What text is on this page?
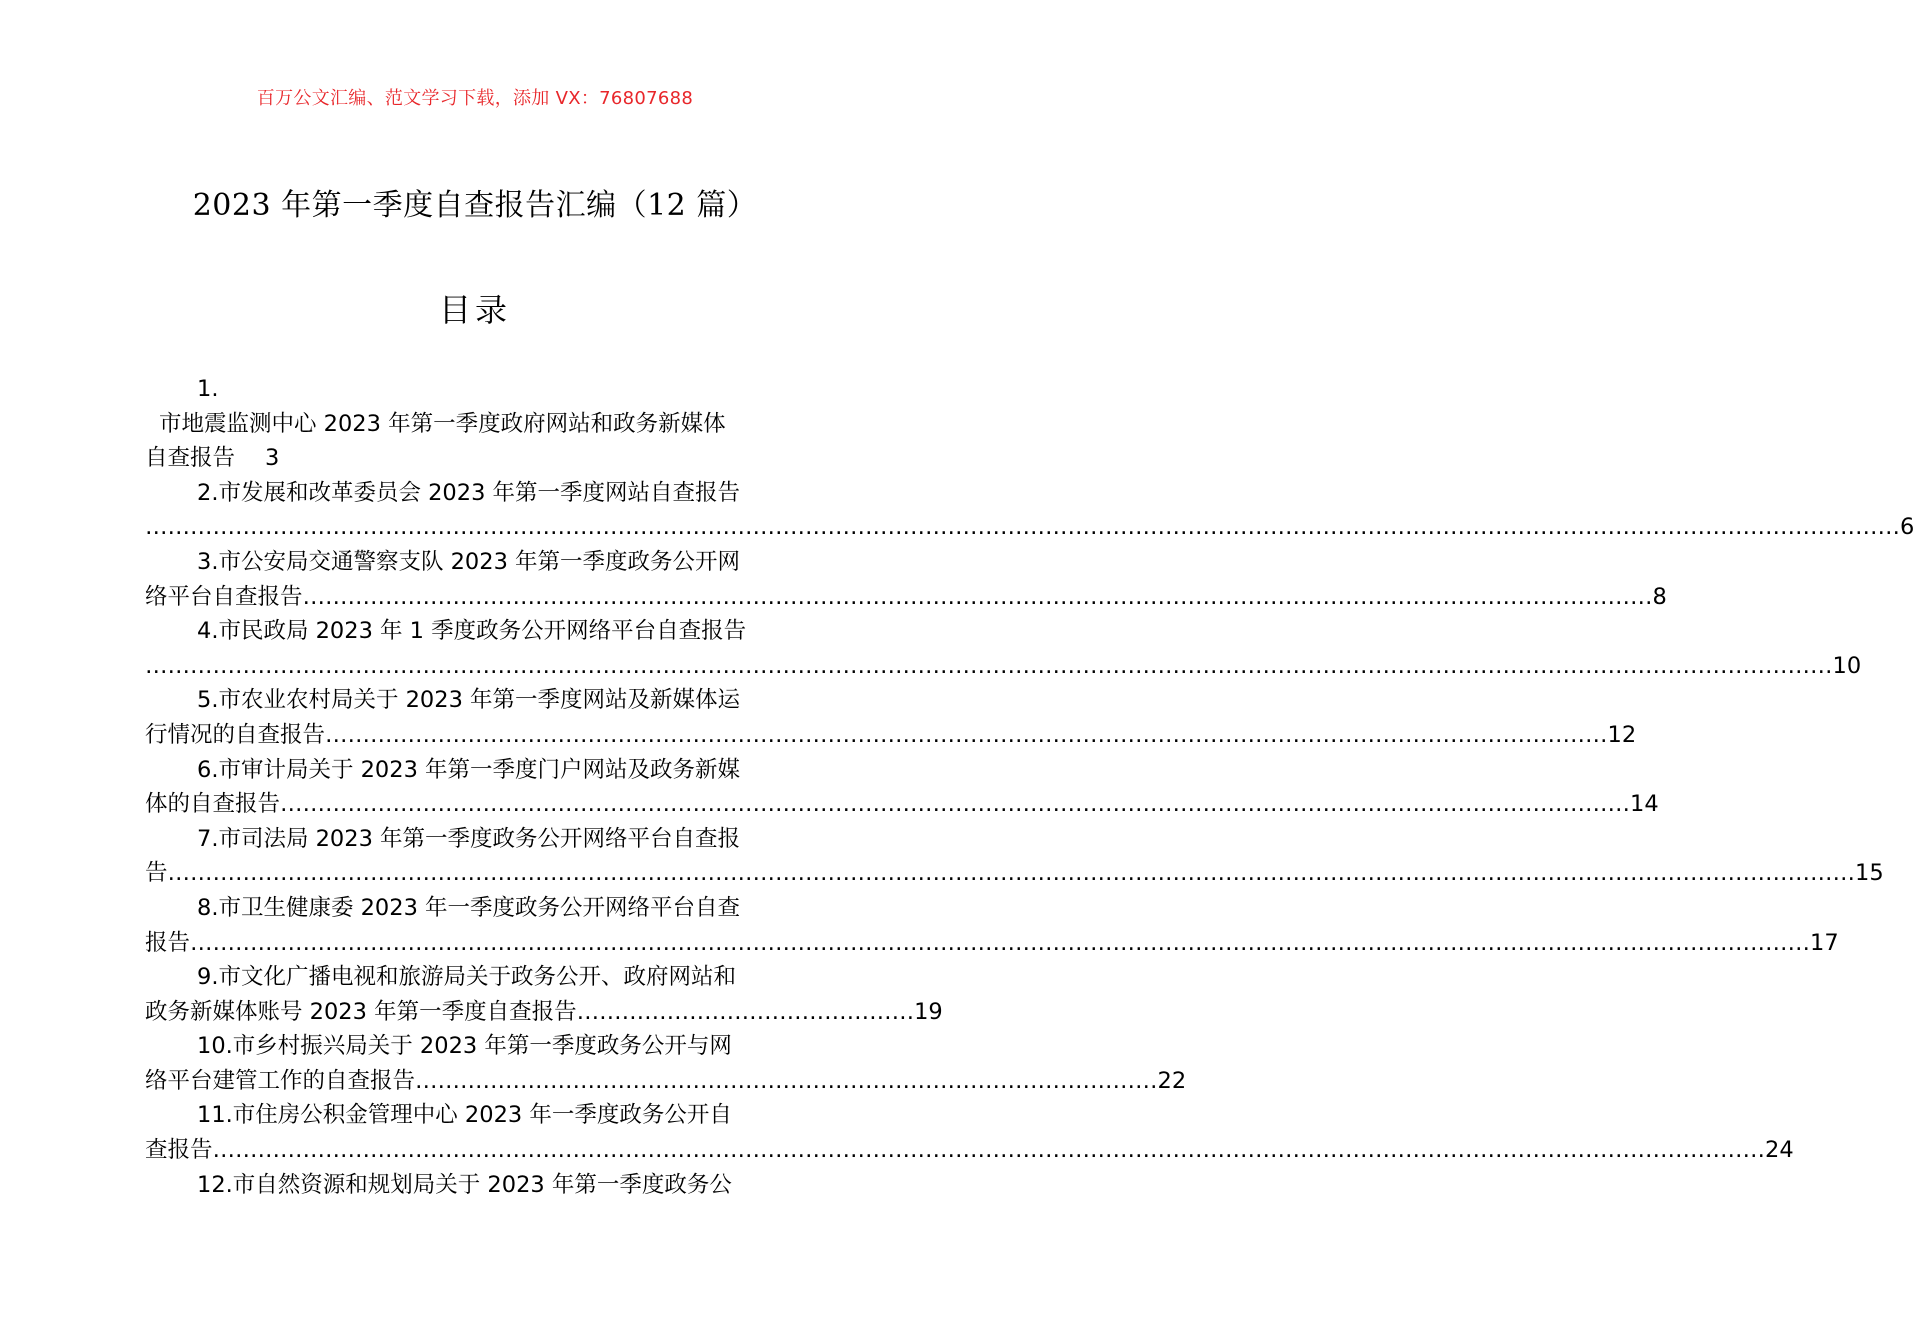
百万公文汇编、范文学习下载，添加 VX：76807688
2023 年第一季度自查报告汇编（12 篇）
目录

1.

市地震监测中心 2023 年第一季度政府网站和政务新媒体

自查报告 3

2.市发展和改革委员会 2023 年第一季度网站自查报告

……………………………………………………………………………………………………………………………………………………………………………………………………………… 6

3.市公安局交通警察支队 2023 年第一季度政务公开网

络平台自查报告 ……………………………………………………………………………………………………………………………………………………………… 8

4.市民政局 2023 年 1 季度政务公开网络平台自查报告

……………………………………………………………………………………………………………………………………………………………………………………………………… 10

5.市农业农村局关于 2023 年第一季度网站及新媒体运

行情况的自查报告 ……………………………………………………………………………………………………………………………………………………… 12

6.市审计局关于 2023 年第一季度门户网站及政务新媒

体的自查报告 ……………………………………………………………………………………………………………………………………………………………… 14

7.市司法局 2023 年第一季度政务公开网络平台自查报

告 ……………………………………………………………………………………………………………………………………………………………………………………………………… 15

8.市卫生健康委 2023 年一季度政务公开网络平台自查

报告 ……………………………………………………………………………………………………………………………………………………………………………………………… 17

9.市文化广播电视和旅游局关于政务公开、政府网站和

政务新媒体账号 2023 年第一季度自查报告 ……………………………………… 19

10.市乡村振兴局关于 2023 年第一季度政务公开与网

络平台建管工作的自查报告 ……………………………………………………………………………………… 22

11.市住房公积金管理中心 2023 年一季度政务公开自

查报告 ……………………………………………………………………………………………………………………………………………………………………………………… 24

12.市自然资源和规划局关于 2023 年第一季度政务公
